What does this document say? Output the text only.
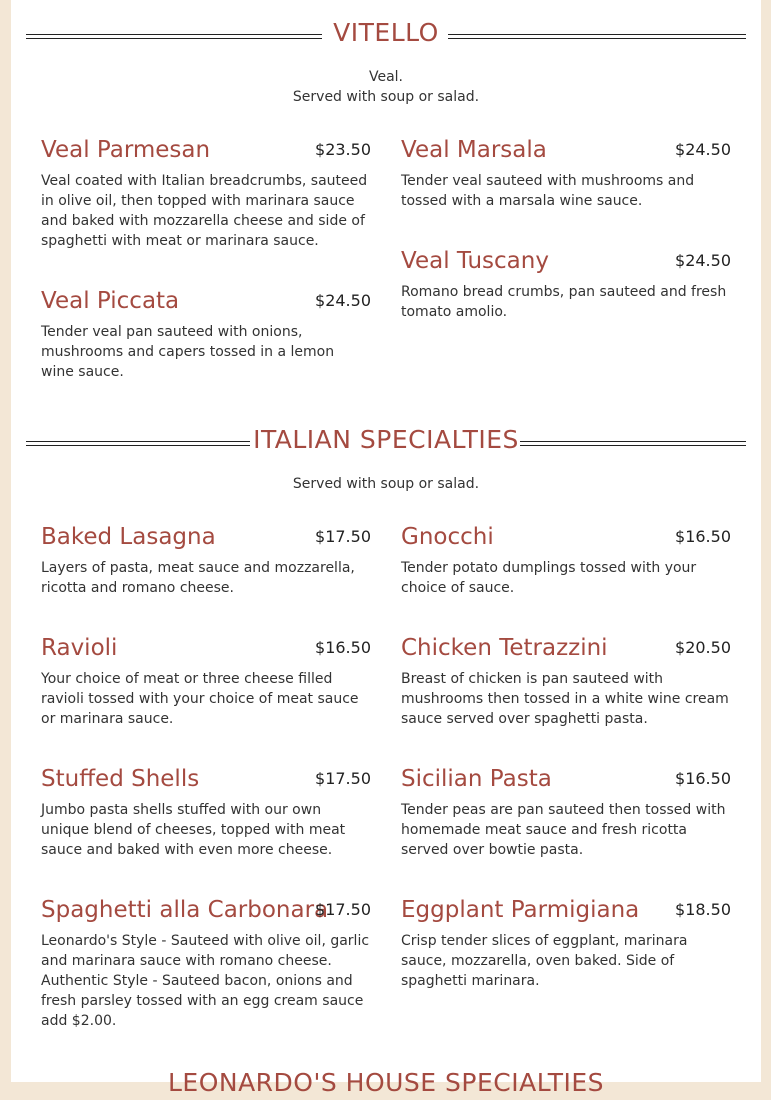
VITELLO
Veal.
Served with soup or salad.
Veal Parmesan	$23.50
Veal coated with Italian breadcrumbs, sauteed in olive oil, then topped with marinara sauce and baked with mozzarella cheese and side of spaghetti with meat or marinara sauce.
Veal Marsala	$24.50
Tender veal sauteed with mushrooms and tossed with a marsala wine sauce.
Veal Tuscany	$24.50
Romano bread crumbs, pan sauteed and fresh tomato amolio.
Veal Piccata	$24.50
Tender veal pan sauteed with onions, mushrooms and capers tossed in a lemon wine sauce.
ITALIAN SPECIALTIES
Served with soup or salad.
Baked Lasagna	$17.50
Layers of pasta, meat sauce and mozzarella, ricotta and romano cheese.
Gnocchi	$16.50
Tender potato dumplings tossed with your choice of sauce.
Ravioli	$16.50
Your choice of meat or three cheese filled ravioli tossed with your choice of meat sauce or marinara sauce.
Chicken Tetrazzini	$20.50
Breast of chicken is pan sauteed with mushrooms then tossed in a white wine cream sauce served over spaghetti pasta.
Stuffed Shells	$17.50
Jumbo pasta shells stuffed with our own unique blend of cheeses, topped with meat sauce and baked with even more cheese.
Sicilian Pasta	$16.50
Tender peas are pan sauteed then tossed with homemade meat sauce and fresh ricotta served over bowtie pasta.
Spaghetti alla Carbonara
$17.50
Leonardo's Style - Sauteed with olive oil, garlic and marinara sauce with romano cheese. Authentic Style - Sauteed bacon, onions and fresh parsley tossed with an egg cream sauce add $2.00.
Eggplant Parmigiana $18.50
Crisp tender slices of eggplant, marinara sauce, mozzarella, oven baked. Side of spaghetti marinara.
LEONARDO'S HOUSE SPECIALTIES
